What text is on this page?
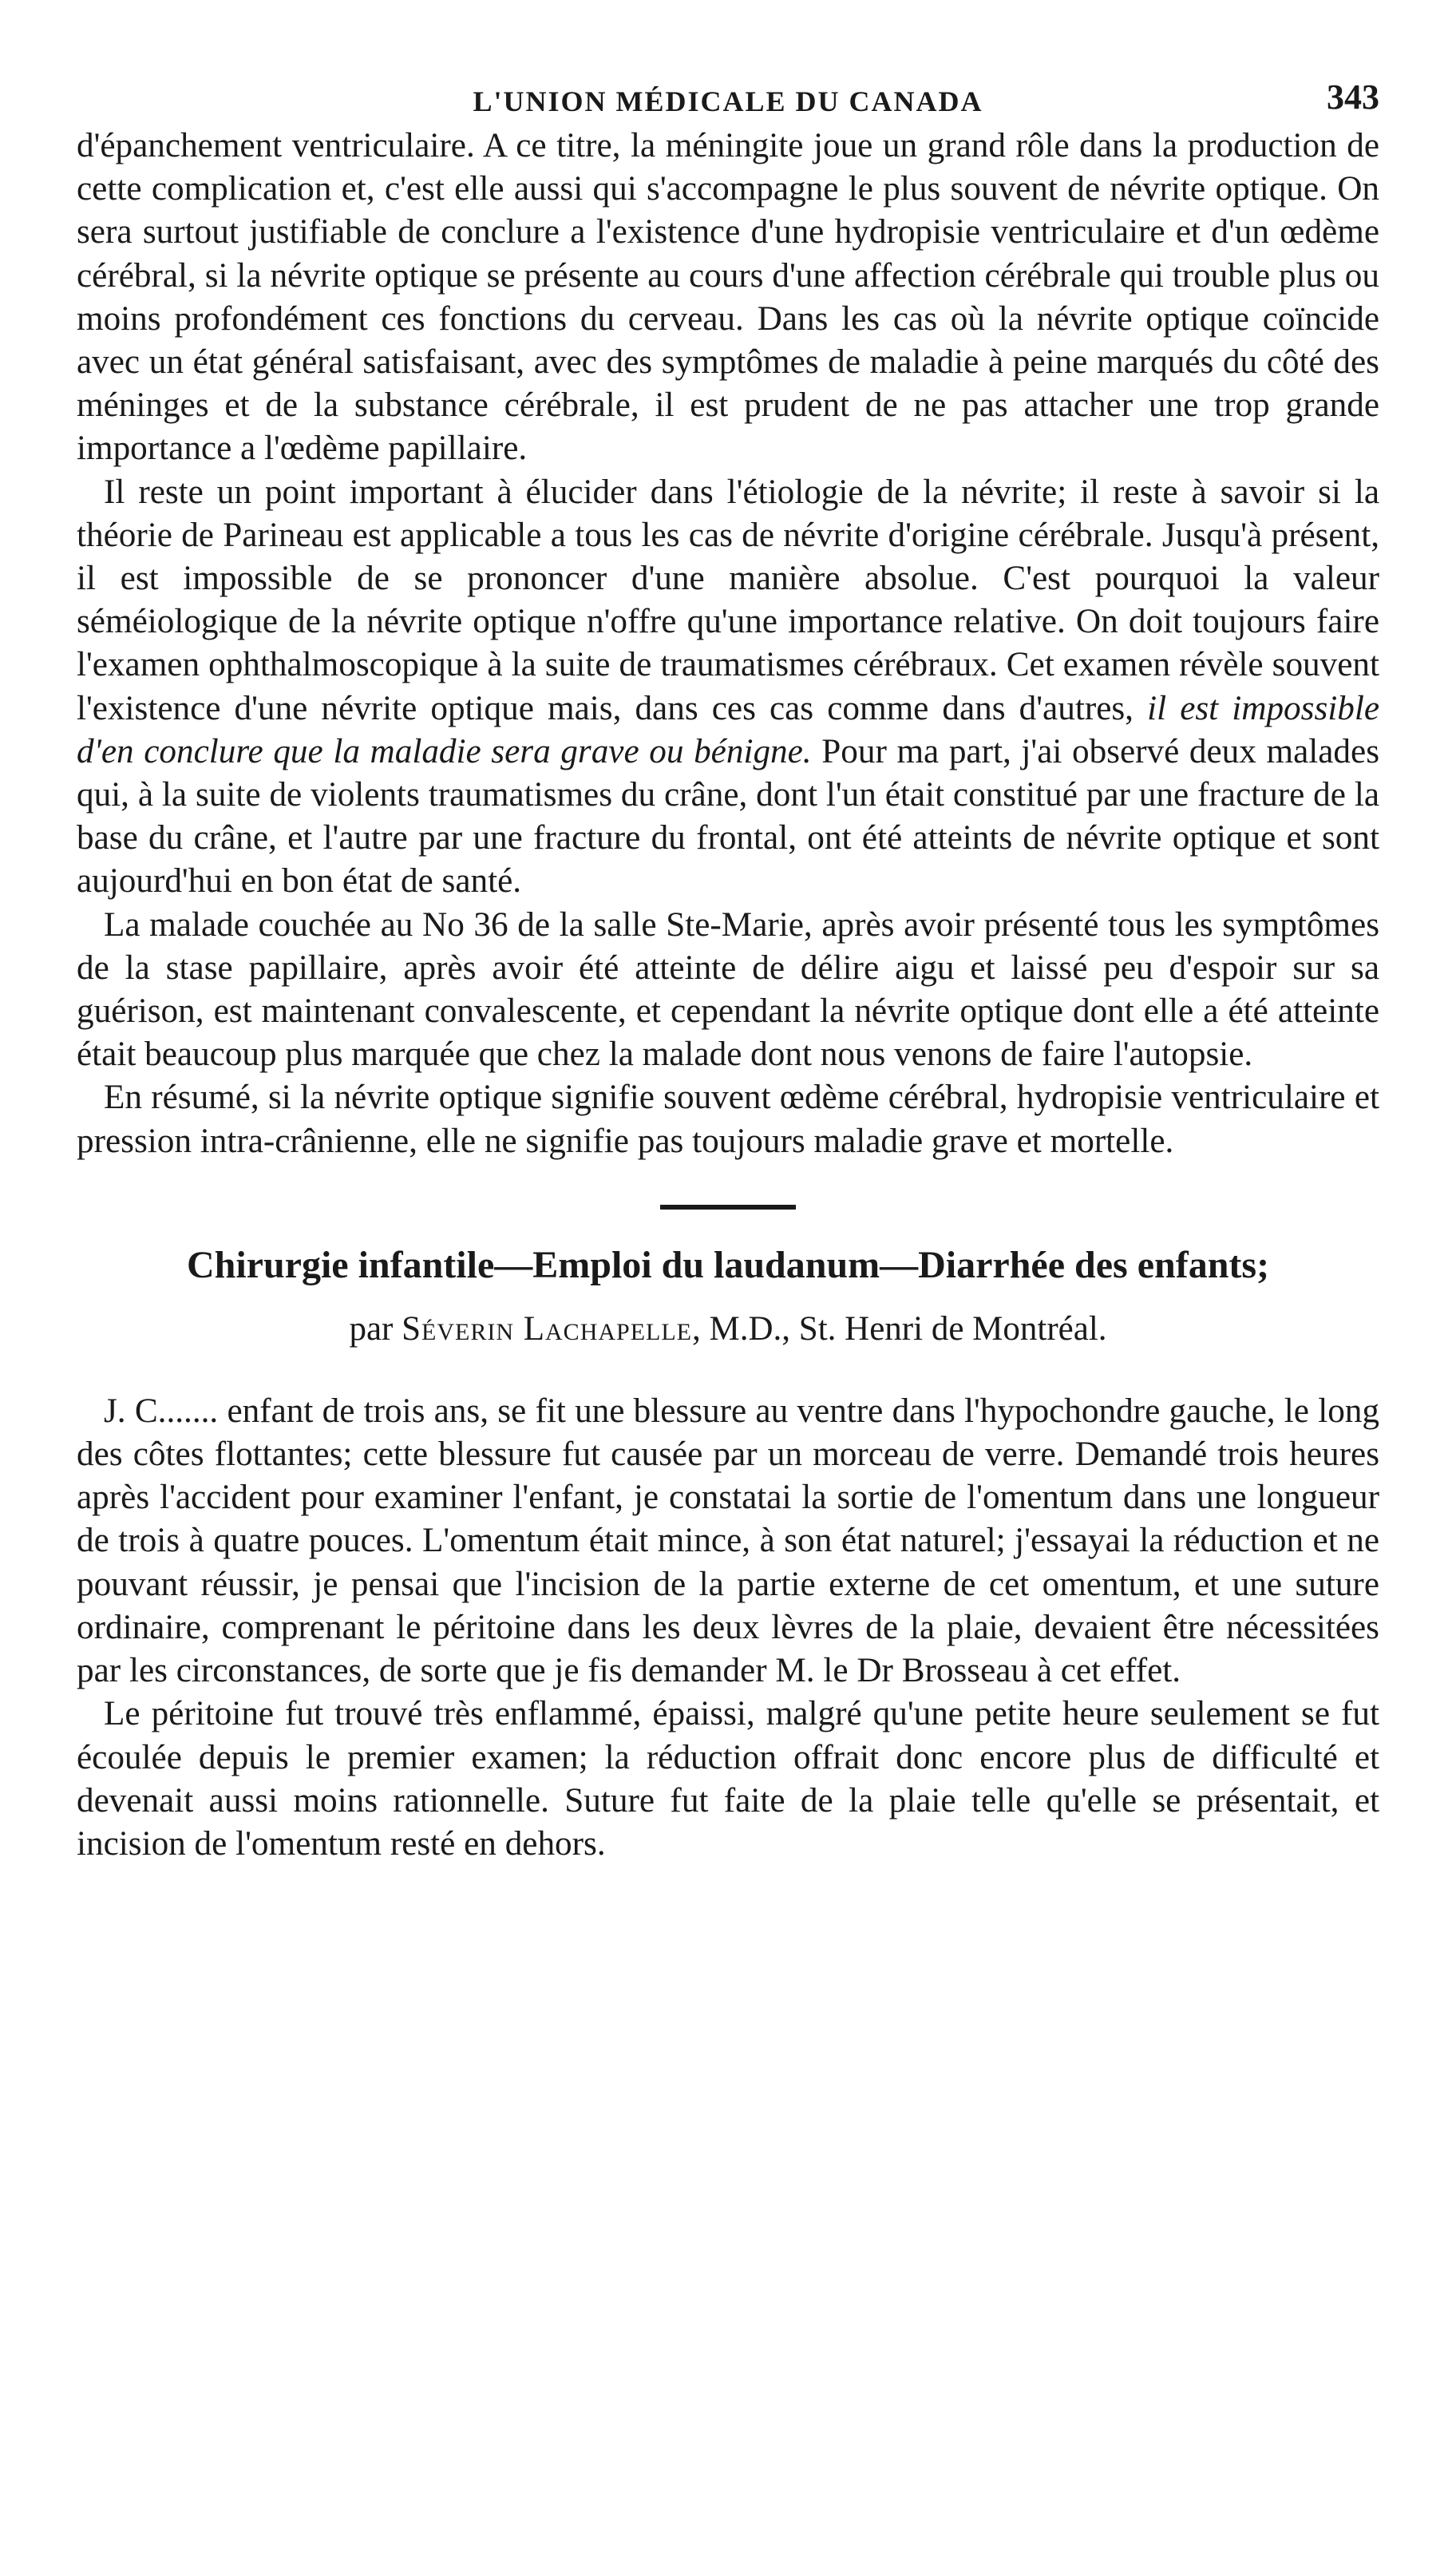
L'UNION MÉDICALE DU CANADA	343

d'épanchement ventriculaire. A ce titre, la méningite joue un grand rôle dans la production de cette complication et, c'est elle aussi qui s'accompagne le plus souvent de névrite optique. On sera surtout justifiable de conclure a l'existence d'une hydropisie ventriculaire et d'un œdème cérébral, si la névrite optique se présente au cours d'une affection cérébrale qui trouble plus ou moins profondément ces fonctions du cerveau. Dans les cas où la névrite optique coïncide avec un état général satisfaisant, avec des symptômes de maladie à peine marqués du côté des méninges et de la substance cérébrale, il est prudent de ne pas attacher une trop grande importance a l'œdème papillaire.

Il reste un point important à élucider dans l'étiologie de la névrite; il reste à savoir si la théorie de Parineau est applicable a tous les cas de névrite d'origine cérébrale. Jusqu'à présent, il est impossible de se prononcer d'une manière absolue. C'est pourquoi la valeur séméiologique de la névrite optique n'offre qu'une importance relative. On doit toujours faire l'examen ophthalmoscopique à la suite de traumatismes cérébraux. Cet examen révèle souvent l'existence d'une névrite optique mais, dans ces cas comme dans d'autres, il est impossible d'en conclure que la maladie sera grave ou bénigne. Pour ma part, j'ai observé deux malades qui, à la suite de violents traumatismes du crâne, dont l'un était constitué par une fracture de la base du crâne, et l'autre par une fracture du frontal, ont été atteints de névrite optique et sont aujourd'hui en bon état de santé.

La malade couchée au No 36 de la salle Ste-Marie, après avoir présenté tous les symptômes de la stase papillaire, après avoir été atteinte de délire aigu et laissé peu d'espoir sur sa guérison, est maintenant convalescente, et cependant la névrite optique dont elle a été atteinte était beaucoup plus marquée que chez la malade dont nous venons de faire l'autopsie.

En résumé, si la névrite optique signifie souvent œdème cérébral, hydropisie ventriculaire et pression intra-crânienne, elle ne signifie pas toujours maladie grave et mortelle.

Chirurgie infantile—Emploi du laudanum—Diarrhée des enfants;
par Séverin Lachapelle, M.D., St. Henri de Montréal.

J. C....... enfant de trois ans, se fit une blessure au ventre dans l'hypochondre gauche, le long des côtes flottantes; cette blessure fut causée par un morceau de verre. Demandé trois heures après l'accident pour examiner l'enfant, je constatai la sortie de l'omentum dans une longueur de trois à quatre pouces. L'omentum était mince, à son état naturel; j'essayai la réduction et ne pouvant réussir, je pensai que l'incision de la partie externe de cet omentum, et une suture ordinaire, comprenant le péritoine dans les deux lèvres de la plaie, devaient être nécessitées par les circonstances, de sorte que je fis demander M. le Dr Brosseau à cet effet.

Le péritoine fut trouvé très enflammé, épaissi, malgré qu'une petite heure seulement se fut écoulée depuis le premier examen; la réduction offrait donc encore plus de difficulté et devenait aussi moins rationnelle. Suture fut faite de la plaie telle qu'elle se présentait, et incision de l'omentum resté en dehors.
